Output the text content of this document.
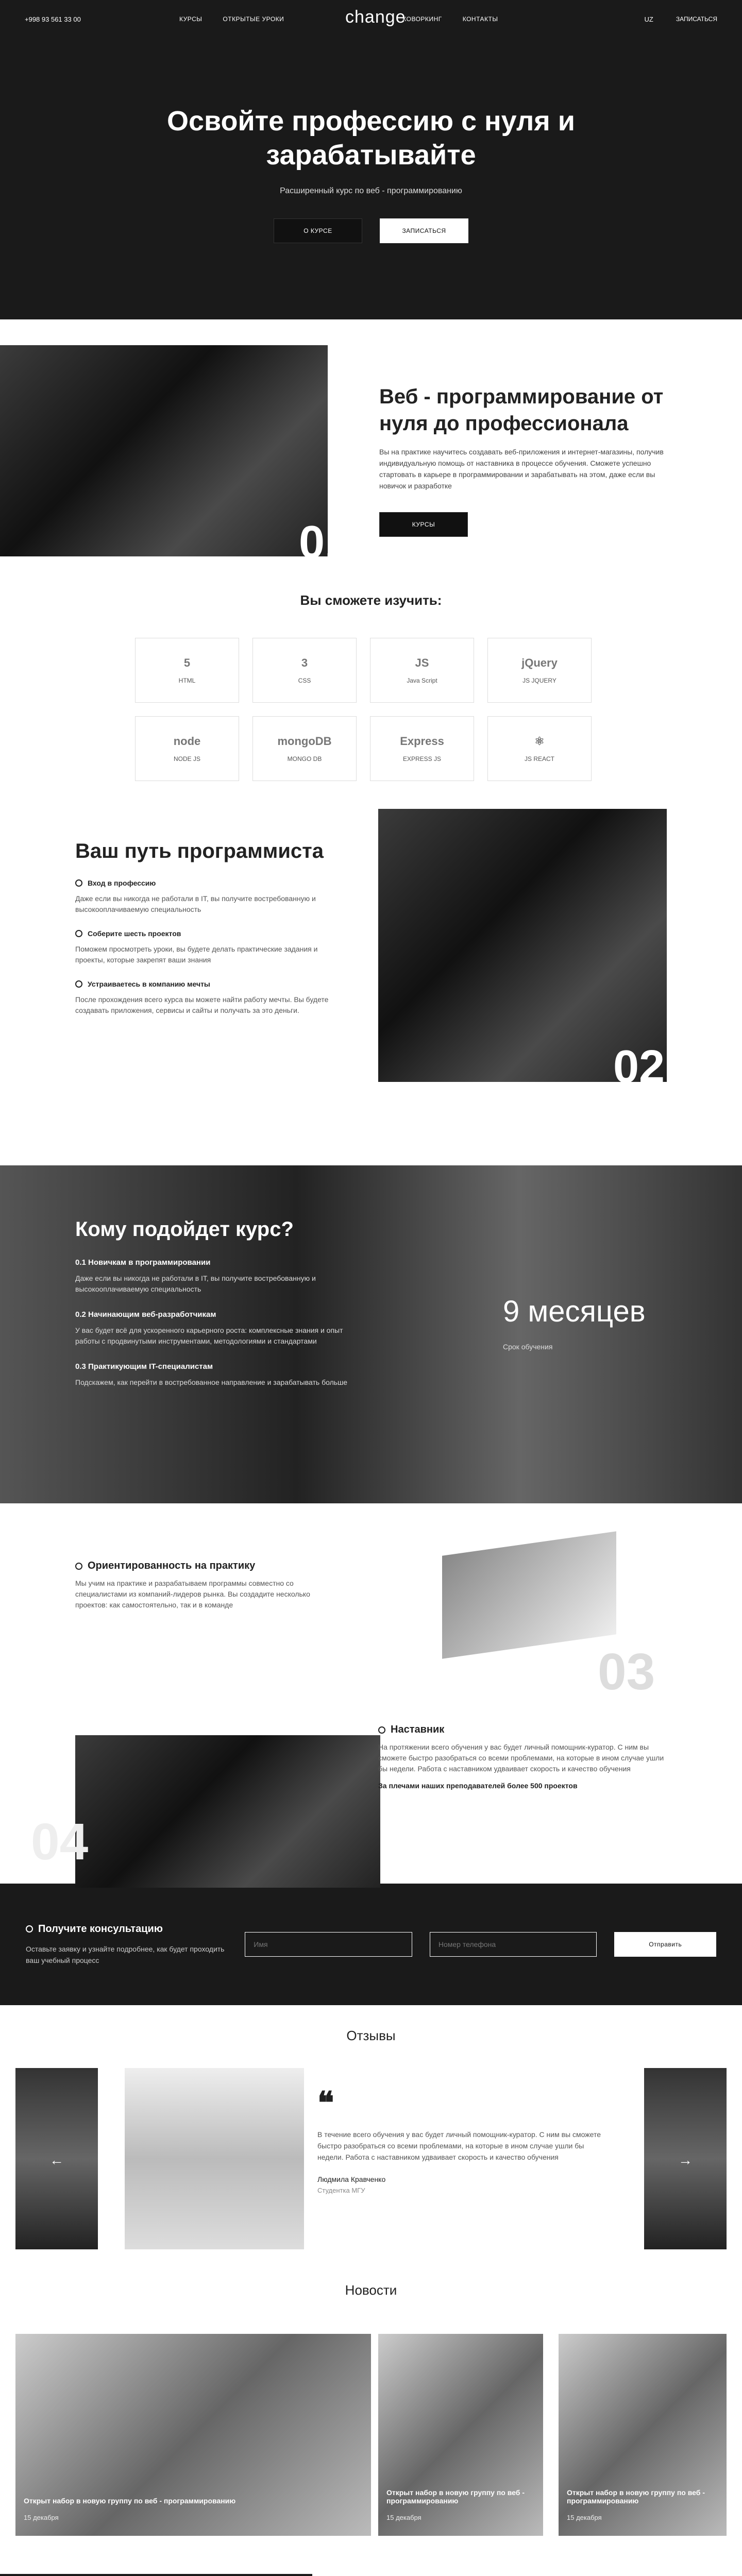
+998 93 561 33 00	КУРСЫ	ОТКРЫТЫЕ УРОКИ	КОВОРКИНГ	КОНТАКТЫ
change	UZ	ЗАПИСАТЬСЯ
Освойте профессию с нуля и зарабатывайте

Расширенный курс по веб - программированию

О КУРСЕ	ЗАПИСАТЬСЯ
01
Веб - программирование от нуля до профессионала

Вы на практике научитесь создавать веб-приложения и интернет-магазины, получив индивидуальную помощь от наставника в процессе обучения. Сможете успешно стартовать в карьере в программировании и зарабатывать на этом, даже если вы новичок и разработке

КУРСЫ
Вы сможете изучить:
5
HTML
3
CSS
JS
Java Script
jQuery
JS JQUERY
node
NODE JS
mongoDB
MONGO DB
Express
EXPRESS JS
⚛
JS REACT
02
Ваш путь программиста
Вход в профессию
Даже если вы никогда не работали в IT, вы получите востребованную и высокооплачиваемую специальность
Соберите шесть проектов
Поможем просмотреть уроки, вы будете делать практические задания и проекты, которые закрепят ваши знания
Устраиваетесь в компанию мечты
После прохождения всего курса вы можете найти работу мечты. Вы будете создавать приложения, сервисы и сайты и получать за это деньги.
Кому подойдет курс?
0.1 Новичкам в программировании
Даже если вы никогда не работали в IT, вы получите востребованную и высокооплачиваемую специальность
0.2 Начинающим веб-разработчикам
У вас будет всё для ускоренного карьерного роста: комплексные знания и опыт работы с продвинутыми инструментами, методологиями и стандартами
0.3 Практикующим IT-специалистам
Подскажем, как перейти в востребованное направление и зарабатывать больше
9 месяцев
Срок обучения
Ориентированность на практику
Мы учим на практике и разрабатываем программы совместно со специалистами из компаний-лидеров рынка. Вы создадите несколько проектов: как самостоятельно, так и в команде
03
04
Наставник
На протяжении всего обучения у вас будет личный помощник-куратор. С ним вы сможете быстро разобраться со всеми проблемами, на которые в ином случае ушли бы недели. Работа с наставником удваивает скорость и качество обучения
За плечами наших преподавателей более 500 проектов
Получите консультацию
Оставьте заявку и узнайте подробнее, как будет проходить ваш учебный процесс
Имя
Номер телефона
Отправить
Отзывы
←
❝
В течение всего обучения у вас будет личный помощник-куратор. С ним вы сможете быстро разобраться со всеми проблемами, на которые в ином случае ушли бы недели. Работа с наставником удваивает скорость и качество обучения
Людмила Кравченко
Студентка МГУ
→
Новости
Открыт набор в новую группу по веб - программированию
15 декабря
Открыт набор в новую группу по веб - программированию
15 декабря
Открыт набор в новую группу по веб - программированию
15 декабря
